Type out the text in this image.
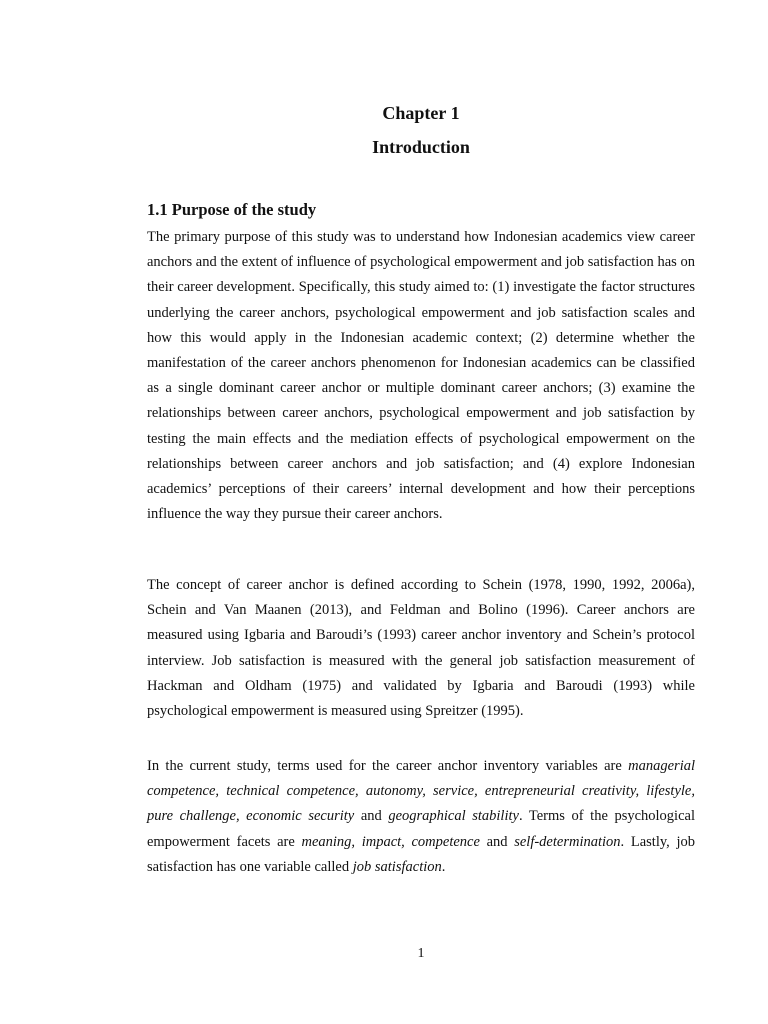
Chapter 1
Introduction
1.1 Purpose of the study

The primary purpose of this study was to understand how Indonesian academics view career anchors and the extent of influence of psychological empowerment and job satisfaction has on their career development. Specifically, this study aimed to: (1) investigate the factor structures underlying the career anchors, psychological empowerment and job satisfaction scales and how this would apply in the Indonesian academic context; (2) determine whether the manifestation of the career anchors phenomenon for Indonesian academics can be classified as a single dominant career anchor or multiple dominant career anchors; (3) examine the relationships between career anchors, psychological empowerment and job satisfaction by testing the main effects and the mediation effects of psychological empowerment on the relationships between career anchors and job satisfaction; and (4) explore Indonesian academics’ perceptions of their careers’ internal development and how their perceptions influence the way they pursue their career anchors.

The concept of career anchor is defined according to Schein (1978, 1990, 1992, 2006a), Schein and Van Maanen (2013), and Feldman and Bolino (1996). Career anchors are measured using Igbaria and Baroudi’s (1993) career anchor inventory and Schein’s protocol interview. Job satisfaction is measured with the general job satisfaction measurement of Hackman and Oldham (1975) and validated by Igbaria and Baroudi (1993) while psychological empowerment is measured using Spreitzer (1995).

In the current study, terms used for the career anchor inventory variables are managerial competence, technical competence, autonomy, service, entrepreneurial creativity, lifestyle, pure challenge, economic security and geographical stability. Terms of the psychological empowerment facets are meaning, impact, competence and self-determination. Lastly, job satisfaction has one variable called job satisfaction.

1
